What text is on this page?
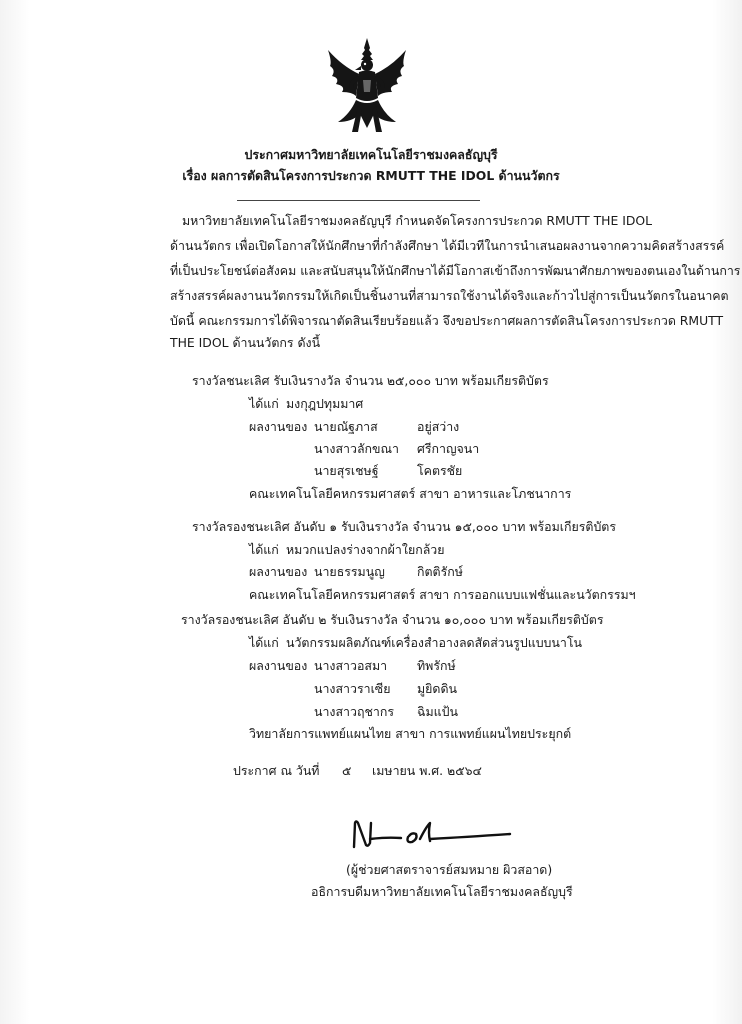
ประกาศมหาวิทยาลัยเทคโนโลยีราชมงคลธัญบุรี
เรื่อง ผลการตัดสินโครงการประกวด RMUTT THE IDOL ด้านนวัตกร
มหาวิทยาลัยเทคโนโลยีราชมงคลธัญบุรี กำหนดจัดโครงการประกวด RMUTT THE IDOL
ด้านนวัตกร เพื่อเปิดโอกาสให้นักศึกษาที่กำลังศึกษา ได้มีเวทีในการนำเสนอผลงานจากความคิดสร้างสรรค์
ที่เป็นประโยชน์ต่อสังคม และสนับสนุนให้นักศึกษาได้มีโอกาสเข้าถึงการพัฒนาศักยภาพของตนเองในด้านการ
สร้างสรรค์ผลงานนวัตกรรมให้เกิดเป็นชิ้นงานที่สามารถใช้งานได้จริงและก้าวไปสู่การเป็นนวัตกรในอนาคต
บัดนี้ คณะกรรมการได้พิจารณาตัดสินเรียบร้อยแล้ว จึงขอประกาศผลการตัดสินโครงการประกวด RMUTT
THE IDOL ด้านนวัตกร ดังนี้
รางวัลชนะเลิศ รับเงินรางวัล จำนวน ๒๕,๐๐๐ บาท พร้อมเกียรติบัตร
ได้แก่ มงกุฎปทุมมาศ
ผลงานของ นายณัฐภาส	อยู่สว่าง
นางสาวลักขณา ศรีกาญจนา
นายสุรเชษฐ์	โคตรชัย
คณะเทคโนโลยีคหกรรมศาสตร์ สาขา อาหารและโภชนาการ
รางวัลรองชนะเลิศ อันดับ ๑ รับเงินรางวัล จำนวน ๑๕,๐๐๐ บาท พร้อมเกียรติบัตร
ได้แก่ หมวกแปลงร่างจากผ้าใยกล้วย
ผลงานของ นายธรรมนูญ	กิตติรักษ์
คณะเทคโนโลยีคหกรรมศาสตร์ สาขา การออกแบบแฟชั่นและนวัตกรรมฯ
รางวัลรองชนะเลิศ อันดับ ๒ รับเงินรางวัล จำนวน ๑๐,๐๐๐ บาท พร้อมเกียรติบัตร
ได้แก่ นวัตกรรมผลิตภัณฑ์เครื่องสำอางลดสัดส่วนรูปแบบนาโน
ผลงานของ นางสาวอสมา ทิพรักษ์
นางสาวราเซีย มูยิดดิน
นางสาวฤชากร ฉิมแป้น
วิทยาลัยการแพทย์แผนไทย สาขา การแพทย์แผนไทยประยุกต์
ประกาศ ณ วันที่ ๕ เมษายน พ.ศ. ๒๕๖๔
(ผู้ช่วยศาสตราจารย์สมหมาย ผิวสอาด)
อธิการบดีมหาวิทยาลัยเทคโนโลยีราชมงคลธัญบุรี
